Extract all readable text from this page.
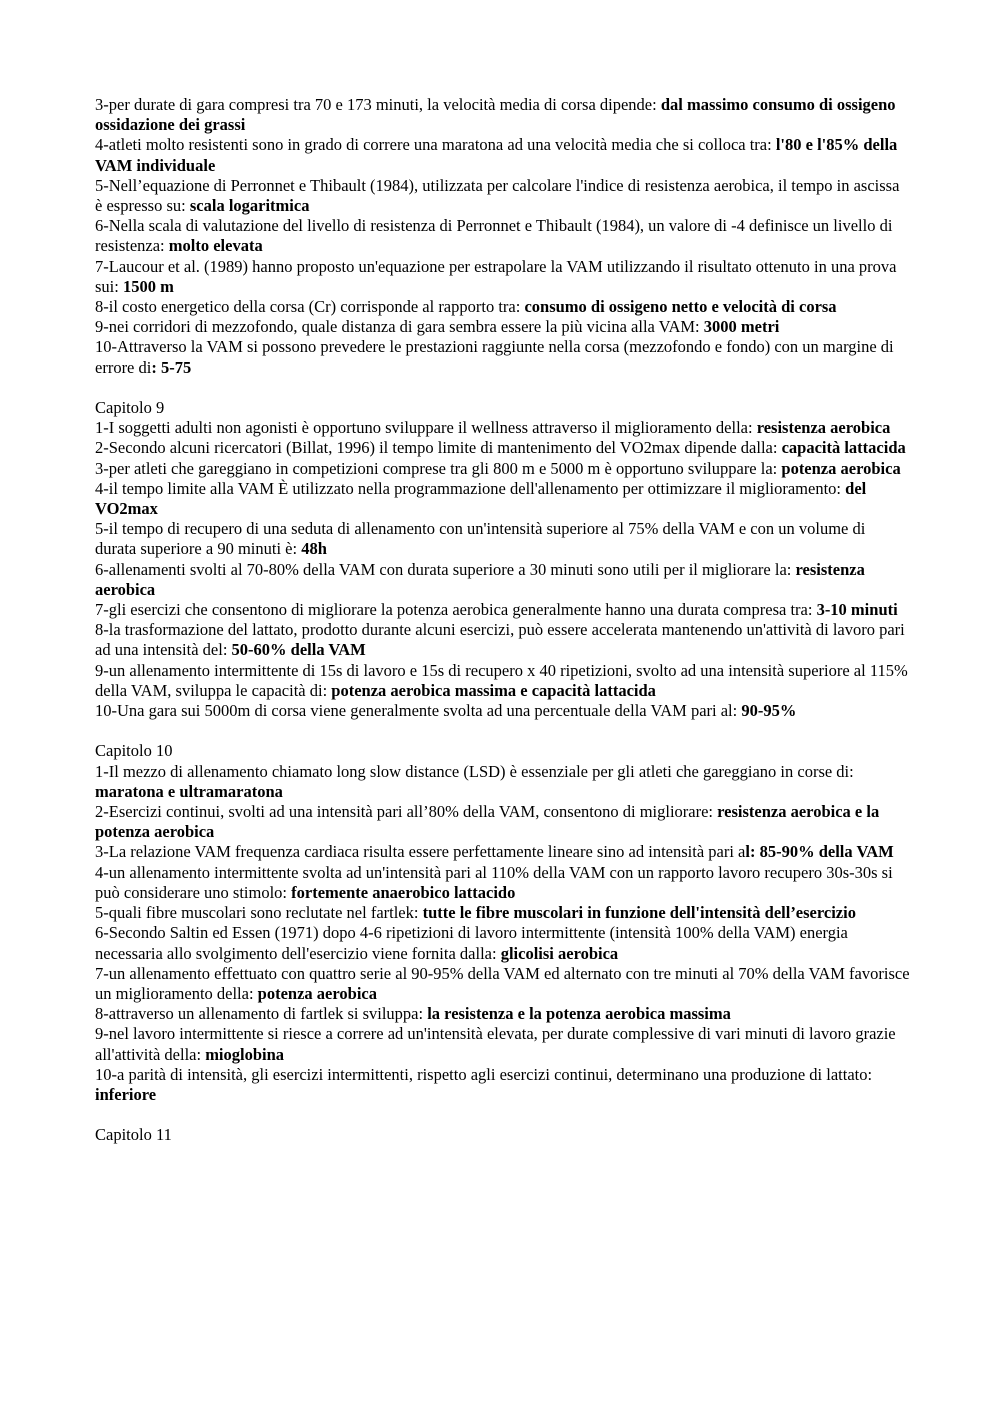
3-per durate di gara compresi tra 70 e 173 minuti, la velocità media di corsa dipende: dal massimo consumo di ossigeno ossidazione dei grassi

4-atleti molto resistenti sono in grado di correre una maratona ad una velocità media che si colloca tra: l'80 e l'85% della VAM individuale

5-Nell’equazione di Perronnet e Thibault (1984), utilizzata per calcolare l'indice di resistenza aerobica, il tempo in ascissa è espresso su: scala logaritmica

6-Nella scala di valutazione del livello di resistenza di Perronnet e Thibault (1984), un valore di -4 definisce un livello di resistenza: molto elevata

7-Laucour et al. (1989) hanno proposto un'equazione per estrapolare la VAM utilizzando il risultato ottenuto in una prova sui: 1500 m

8-il costo energetico della corsa (Cr) corrisponde al rapporto tra: consumo di ossigeno netto e velocità di corsa

9-nei corridori di mezzofondo, quale distanza di gara sembra essere la più vicina alla VAM: 3000 metri

10-Attraverso la VAM si possono prevedere le prestazioni raggiunte nella corsa (mezzofondo e fondo) con un margine di errore di: 5-75

Capitolo 9

1-I soggetti adulti non agonisti è opportuno sviluppare il wellness attraverso il miglioramento della: resistenza aerobica

2-Secondo alcuni ricercatori (Billat, 1996) il tempo limite di mantenimento del VO2max dipende dalla: capacità lattacida

3-per atleti che gareggiano in competizioni comprese tra gli 800 m e 5000 m è opportuno sviluppare la: potenza aerobica

4-il tempo limite alla VAM È utilizzato nella programmazione dell'allenamento per ottimizzare il miglioramento: del VO2max

5-il tempo di recupero di una seduta di allenamento con un'intensità superiore al 75% della VAM e con un volume di durata superiore a 90 minuti è: 48h

6-allenamenti svolti al 70-80% della VAM con durata superiore a 30 minuti sono utili per il migliorare la: resistenza aerobica

7-gli esercizi che consentono di migliorare la potenza aerobica generalmente hanno una durata compresa tra: 3-10 minuti

8-la trasformazione del lattato, prodotto durante alcuni esercizi, può essere accelerata mantenendo un'attività di lavoro pari ad una intensità del: 50-60% della VAM

9-un allenamento intermittente di 15s di lavoro e 15s di recupero x 40 ripetizioni, svolto ad una intensità superiore al 115% della VAM, sviluppa le capacità di: potenza aerobica massima e capacità lattacida

10-Una gara sui 5000m di corsa viene generalmente svolta ad una percentuale della VAM pari al: 90-95%

Capitolo 10

1-Il mezzo di allenamento chiamato long slow distance (LSD) è essenziale per gli atleti che gareggiano in corse di: maratona e ultramaratona

2-Esercizi continui, svolti ad una intensità pari all’80% della VAM, consentono di migliorare: resistenza aerobica e la potenza aerobica

3-La relazione VAM frequenza cardiaca risulta essere perfettamente lineare sino ad intensità pari al: 85-90% della VAM

4-un allenamento intermittente svolta ad un'intensità pari al 110% della VAM con un rapporto lavoro recupero 30s-30s si può considerare uno stimolo: fortemente anaerobico lattacido

5-quali fibre muscolari sono reclutate nel fartlek: tutte le fibre muscolari in funzione dell'intensità dell’esercizio

6-Secondo Saltin ed Essen (1971) dopo 4-6 ripetizioni di lavoro intermittente (intensità 100% della VAM) energia necessaria allo svolgimento dell'esercizio viene fornita dalla: glicolisi aerobica

7-un allenamento effettuato con quattro serie al 90-95% della VAM ed alternato con tre minuti al 70% della VAM favorisce un miglioramento della: potenza aerobica

8-attraverso un allenamento di fartlek si sviluppa: la resistenza e la potenza aerobica massima

9-nel lavoro intermittente si riesce a correre ad un'intensità elevata, per durate complessive di vari minuti di lavoro grazie all'attività della: mioglobina

10-a parità di intensità, gli esercizi intermittenti, rispetto agli esercizi continui, determinano una produzione di lattato: inferiore

Capitolo 11
